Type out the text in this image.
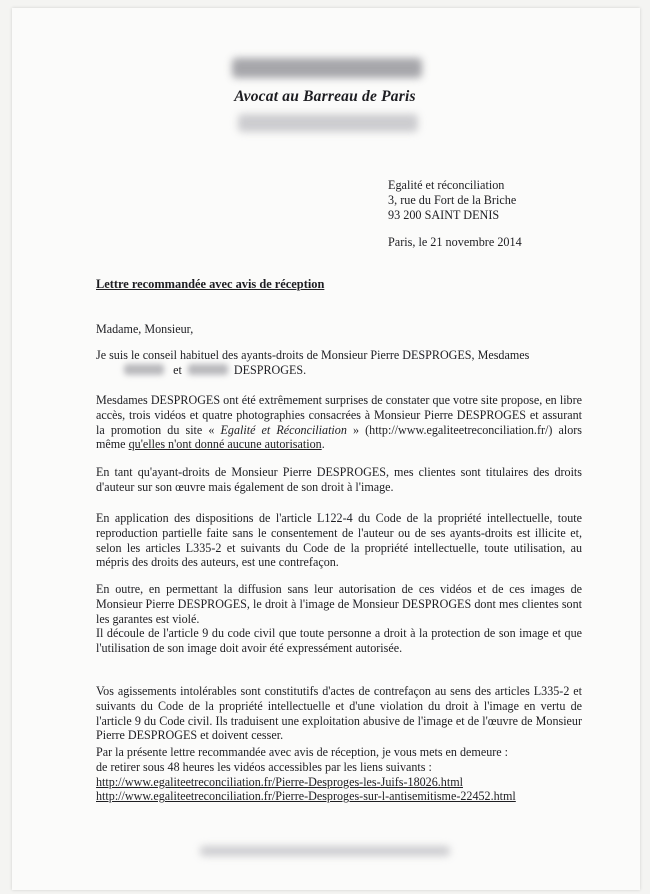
Avocat au Barreau de Paris
Egalité et réconciliation
3, rue du Fort de la Briche
93 200 SAINT DENIS
Paris, le 21 novembre 2014
Lettre recommandée avec avis de réception
Madame, Monsieur,
Je suis le conseil habituel des ayants-droits de Monsieur Pierre DESPROGES, Mesdames
et	DESPROGES.
Mesdames DESPROGES ont été extrêmement surprises de constater que votre site propose, en libre accès, trois vidéos et quatre photographies consacrées à Monsieur Pierre DESPROGES et assurant la promotion du site « Egalité et Réconciliation » (http://www.egaliteetreconciliation.fr/) alors même qu'elles n'ont donné aucune autorisation.
En tant qu'ayant-droits de Monsieur Pierre DESPROGES, mes clientes sont titulaires des droits d'auteur sur son œuvre mais également de son droit à l'image.
En application des dispositions de l'article L122-4 du Code de la propriété intellectuelle, toute reproduction partielle faite sans le consentement de l'auteur ou de ses ayants-droits est illicite et, selon les articles L335-2 et suivants du Code de la propriété intellectuelle, toute utilisation, au mépris des droits des auteurs, est une contrefaçon.
En outre, en permettant la diffusion sans leur autorisation de ces vidéos et de ces images de Monsieur Pierre DESPROGES, le droit à l'image de Monsieur DESPROGES dont mes clientes sont les garantes est violé.
Il découle de l'article 9 du code civil que toute personne a droit à la protection de son image et que l'utilisation de son image doit avoir été expressément autorisée.
Vos agissements intolérables sont constitutifs d'actes de contrefaçon au sens des articles L335-2 et suivants du Code de la propriété intellectuelle et d'une violation du droit à l'image en vertu de l'article 9 du Code civil. Ils traduisent une exploitation abusive de l'image et de l'œuvre de Monsieur Pierre DESPROGES et doivent cesser.
Par la présente lettre recommandée avec avis de réception, je vous mets en demeure :
de retirer sous 48 heures les vidéos accessibles par les liens suivants :
http://www.egaliteetreconciliation.fr/Pierre-Desproges-les-Juifs-18026.html
http://www.egaliteetreconciliation.fr/Pierre-Desproges-sur-l-antisemitisme-22452.html
